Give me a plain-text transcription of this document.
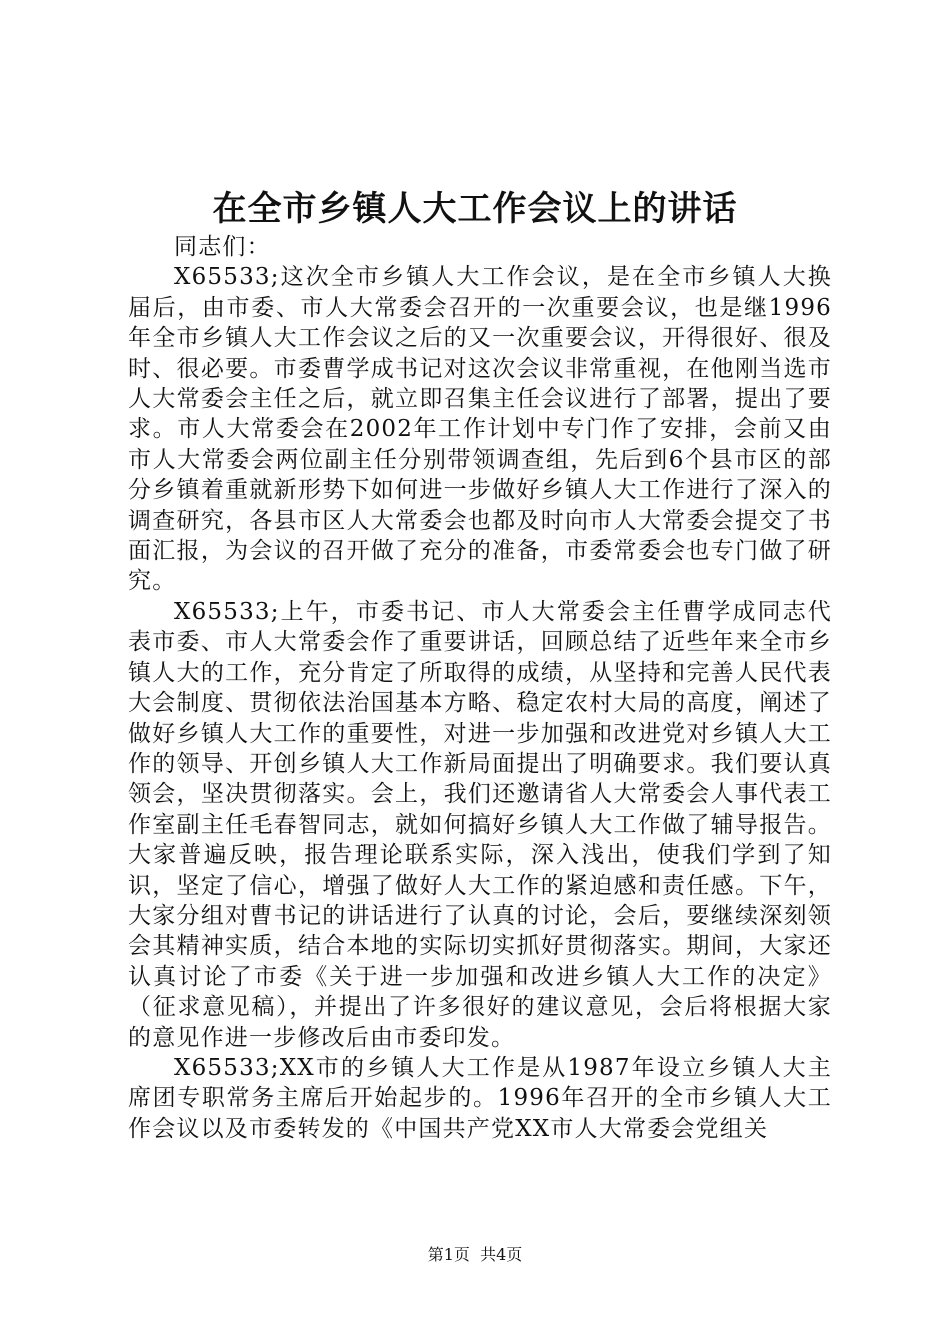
在全市乡镇人大工作会议上的讲话

同志们：

X65533;这次全市乡镇人大工作会议，是在全市乡镇人大换届后，由市委、市人大常委会召开的一次重要会议，也是继1996年全市乡镇人大工作会议之后的又一次重要会议，开得很好、很及时、很必要。市委曹学成书记对这次会议非常重视，在他刚当选市人大常委会主任之后，就立即召集主任会议进行了部署，提出了要求。市人大常委会在2002年工作计划中专门作了安排，会前又由市人大常委会两位副主任分别带领调查组，先后到6个县市区的部分乡镇着重就新形势下如何进一步做好乡镇人大工作进行了深入的调查研究，各县市区人大常委会也都及时向市人大常委会提交了书面汇报，为会议的召开做了充分的准备，市委常委会也专门做了研究。

X65533;上午，市委书记、市人大常委会主任曹学成同志代表市委、市人大常委会作了重要讲话，回顾总结了近些年来全市乡镇人大的工作，充分肯定了所取得的成绩，从坚持和完善人民代表大会制度、贯彻依法治国基本方略、稳定农村大局的高度，阐述了做好乡镇人大工作的重要性，对进一步加强和改进党对乡镇人大工作的领导、开创乡镇人大工作新局面提出了明确要求。我们要认真领会，坚决贯彻落实。会上，我们还邀请省人大常委会人事代表工作室副主任毛春智同志，就如何搞好乡镇人大工作做了辅导报告。大家普遍反映，报告理论联系实际，深入浅出，使我们学到了知识，坚定了信心，增强了做好人大工作的紧迫感和责任感。下午，大家分组对曹书记的讲话进行了认真的讨论，会后，要继续深刻领会其精神实质，结合本地的实际切实抓好贯彻落实。期间，大家还认真讨论了市委《关于进一步加强和改进乡镇人大工作的决定》（征求意见稿），并提出了许多很好的建议意见，会后将根据大家的意见作进一步修改后由市委印发。

X65533;XX市的乡镇人大工作是从1987年设立乡镇人大主席团专职常务主席后开始起步的。1996年召开的全市乡镇人大工作会议以及市委转发的《中国共产党XX市人大常委会党组关

第1页 共4页
